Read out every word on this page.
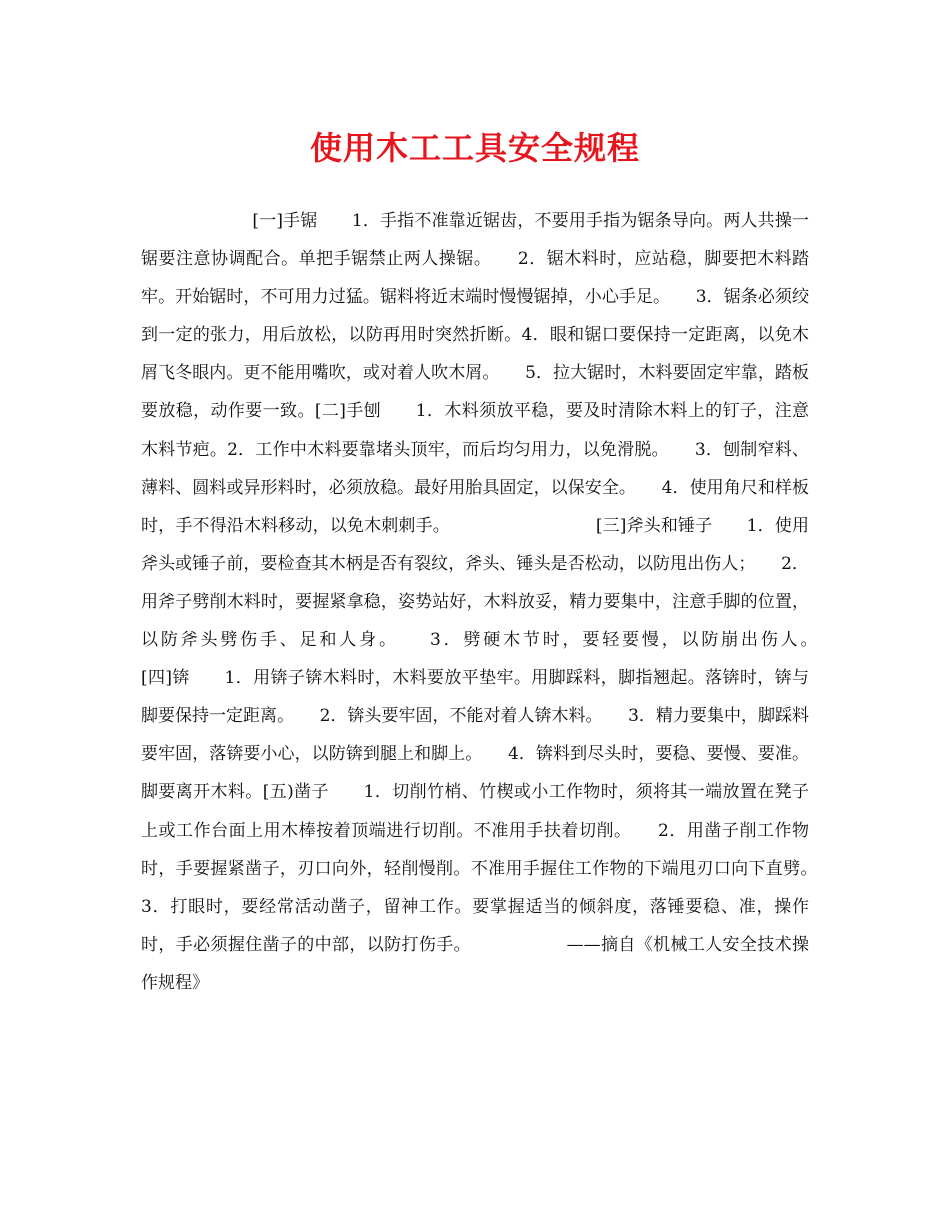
使用木工工具安全规程
[一]手锯　　1．手指不准靠近锯齿，不要用手指为锯条导向。两人共操一锯要注意协调配合。单把手锯禁止两人操锯。　　2．锯木料时，应站稳，脚要把木料踏牢。开始锯时，不可用力过猛。锯料将近末端时慢慢锯掉，小心手足。　　3．锯条必须绞到一定的张力，用后放松，以防再用时突然折断。4．眼和锯口要保持一定距离，以免木屑飞冬眼内。更不能用嘴吹，或对着人吹木屑。　　5．拉大锯时，木料要固定牢靠，踏板要放稳，动作要一致。[二]手刨　　1．木料须放平稳，要及时清除木料上的钉子，注意木料节疤。2．工作中木料要靠堵头顶牢，而后均匀用力，以免滑脱。　　3．刨制窄料、薄料、圆料或异形料时，必须放稳。最好用胎具固定，以保安全。　　4．使用角尺和样板时，手不得沿木料移动，以免木刺刺手。　　　　　　　　　[三]斧头和锤子　　1．使用斧头或锤子前，要检查其木柄是否有裂纹，斧头、锤头是否松动，以防甩出伤人；　　2．用斧子劈削木料时，要握紧拿稳，姿势站好，木料放妥，精力要集中，注意手脚的位置，以防斧头劈伤手、足和人身。　　3．劈硬木节时，要轻要慢，以防崩出伤人。　　　　　　　[四]锛　　1．用锛子锛木料时，木料要放平垫牢。用脚踩料，脚指翘起。落锛时，锛与脚要保持一定距离。　　2．锛头要牢固，不能对着人锛木料。　　3．精力要集中，脚踩料要牢固，落锛要小心，以防锛到腿上和脚上。　　4．锛料到尽头时，要稳、要慢、要准。脚要离开木料。[五)凿子　　1．切削竹梢、竹楔或小工作物时，须将其一端放置在凳子上或工作台面上用木棒按着顶端进行切削。不准用手扶着切削。　　2．用凿子削工作物时，手要握紧凿子，刃口向外，轻削慢削。不准用手握住工作物的下端甩刃口向下直劈。　　3．打眼时，要经常活动凿子，留神工作。要掌握适当的倾斜度，落锤要稳、准，操作时，手必须握住凿子的中部，以防打伤手。　　　　　　——摘自《机械工人安全技术操作规程》
